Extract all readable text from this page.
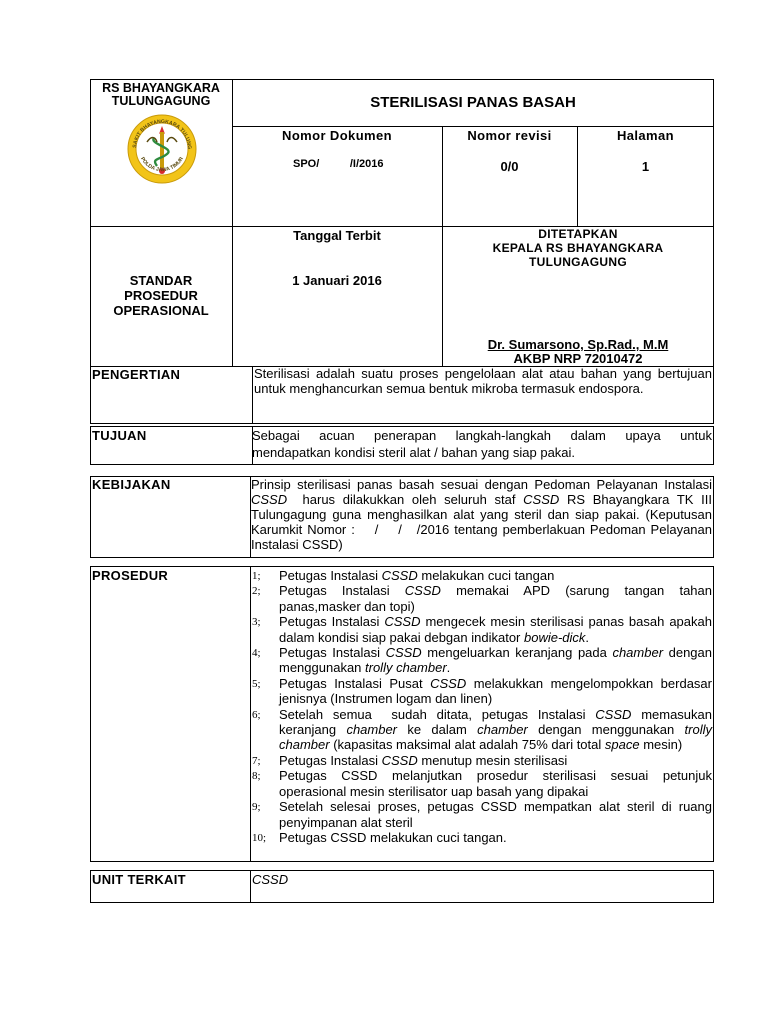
RS BHAYANGKARA
TULUNGAGUNG
SAKIT BHAYANGKARA TULUNG
POLDA JAWA TIMUR
STERILISASI PANAS BASAH
Nomor Dokumen
SPO/          /I/2016
Nomor revisi
0/0
Halaman
1
STANDAR
PROSEDUR
OPERASIONAL
Tanggal Terbit
1 Januari 2016
DITETAPKAN
KEPALA RS BHAYANGKARA
TULUNGAGUNG
Dr. Sumarsono, Sp.Rad., M.M
AKBP NRP 72010472
PENGERTIAN	Sterilisasi adalah suatu proses pengelolaan alat atau bahan yang bertujuan untuk menghancurkan semua bentuk mikroba termasuk endospora.
TUJUAN	Sebagai acuan penerapan langkah-langkah dalam upaya untuk
mendapatkan kondisi steril alat / bahan yang siap pakai.
KEBIJAKAN	Prinsip sterilisasi panas basah sesuai dengan Pedoman Pelayanan Instalasi CSSD  harus dilakukkan oleh seluruh staf CSSD RS Bhayangkara TK III Tulungagung guna menghasilkan alat yang steril dan siap pakai. (Keputusan Karumkit Nomor :    /    /   /2016 tentang pemberlakuan Pedoman Pelayanan Instalasi CSSD)
PROSEDUR	1; Petugas Instalasi CSSD melakukan cuci tangan
2; Petugas Instalasi CSSD memakai APD (sarung tangan tahan panas,masker dan topi)
3; Petugas Instalasi CSSD mengecek mesin sterilisasi panas basah apakah dalam kondisi siap pakai debgan indikator bowie-dick.
4; Petugas Instalasi CSSD mengeluarkan keranjang pada chamber dengan menggunakan trolly chamber.
5; Petugas Instalasi Pusat CSSD melakukkan mengelompokkan berdasar jenisnya (Instrumen logam dan linen)
6; Setelah semua  sudah ditata, petugas Instalasi CSSD memasukan keranjang chamber ke dalam chamber dengan menggunakan trolly chamber (kapasitas maksimal alat adalah 75% dari total space mesin)
7; Petugas Instalasi CSSD menutup mesin sterilisasi
8; Petugas CSSD melanjutkan prosedur sterilisasi sesuai petunjuk operasional mesin sterilisator uap basah yang dipakai
9; Setelah selesai proses, petugas CSSD mempatkan alat steril di ruang penyimpanan alat steril
10; Petugas CSSD melakukan cuci tangan.
UNIT TERKAIT	CSSD
